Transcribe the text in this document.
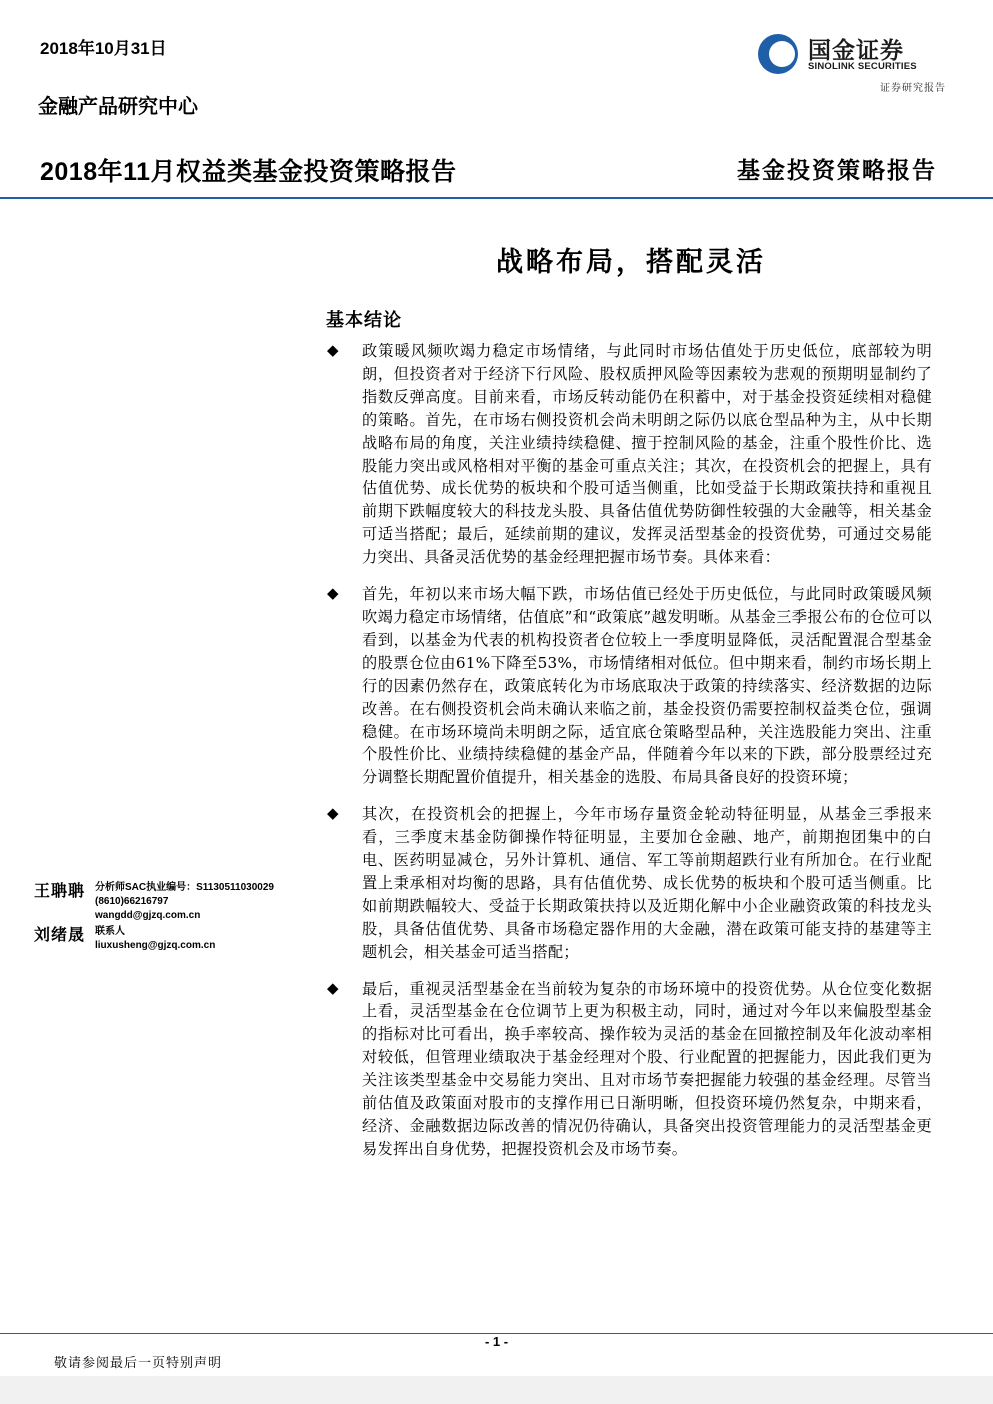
2018年10月31日
金融产品研究中心
2018年11月权益类基金投资策略报告	基金投资策略报告
国金证券
SINOLINK SECURITIES
证券研究报告
战略布局，搭配灵活
基本结论
◆ 政策暖风频吹竭力稳定市场情绪，与此同时市场估值处于历史低位，底部较为明朗，但投资者对于经济下行风险、股权质押风险等因素较为悲观的预期明显制约了指数反弹高度。目前来看，市场反转动能仍在积蓄中，对于基金投资延续相对稳健的策略。首先，在市场右侧投资机会尚未明朗之际仍以底仓型品种为主，从中长期战略布局的角度，关注业绩持续稳健、擅于控制风险的基金，注重个股性价比、选股能力突出或风格相对平衡的基金可重点关注；其次，在投资机会的把握上，具有估值优势、成长优势的板块和个股可适当侧重，比如受益于长期政策扶持和重视且前期下跌幅度较大的科技龙头股、具备估值优势防御性较强的大金融等，相关基金可适当搭配；最后，延续前期的建议，发挥灵活型基金的投资优势，可通过交易能力突出、具备灵活优势的基金经理把握市场节奏。具体来看：
◆ 首先，年初以来市场大幅下跌，市场估值已经处于历史低位，与此同时政策暖风频吹竭力稳定市场情绪，估值底”和“政策底”越发明晰。从基金三季报公布的仓位可以看到，以基金为代表的机构投资者仓位较上一季度明显降低，灵活配置混合型基金的股票仓位由61%下降至53%，市场情绪相对低位。但中期来看，制约市场长期上行的因素仍然存在，政策底转化为市场底取决于政策的持续落实、经济数据的边际改善。在右侧投资机会尚未确认来临之前，基金投资仍需要控制权益类仓位，强调稳健。在市场环境尚未明朗之际，适宜底仓策略型品种，关注选股能力突出、注重个股性价比、业绩持续稳健的基金产品，伴随着今年以来的下跌，部分股票经过充分调整长期配置价值提升，相关基金的选股、布局具备良好的投资环境；
◆ 其次，在投资机会的把握上，今年市场存量资金轮动特征明显，从基金三季报来看，三季度末基金防御操作特征明显，主要加仓金融、地产，前期抱团集中的白电、医药明显减仓，另外计算机、通信、军工等前期超跌行业有所加仓。在行业配置上秉承相对均衡的思路，具有估值优势、成长优势的板块和个股可适当侧重。比如前期跌幅较大、受益于长期政策扶持以及近期化解中小企业融资政策的科技龙头股，具备估值优势、具备市场稳定器作用的大金融，潜在政策可能支持的基建等主题机会，相关基金可适当搭配；
◆ 最后，重视灵活型基金在当前较为复杂的市场环境中的投资优势。从仓位变化数据上看，灵活型基金在仓位调节上更为积极主动，同时，通过对今年以来偏股型基金的指标对比可看出，换手率较高、操作较为灵活的基金在回撤控制及年化波动率相对较低，但管理业绩取决于基金经理对个股、行业配置的把握能力，因此我们更为关注该类型基金中交易能力突出、且对市场节奏把握能力较强的基金经理。尽管当前估值及政策面对股市的支撑作用已日渐明晰，但投资环境仍然复杂，中期来看，经济、金融数据边际改善的情况仍待确认，具备突出投资管理能力的灵活型基金更易发挥出自身优势，把握投资机会及市场节奏。
王聃聃 分析师SAC执业编号：S1130511030029
(8610)66216797
wangdd@gjzq.com.cn
刘绪晟 联系人
liuxusheng@gjzq.com.cn
- 1 -
敬请参阅最后一页特别声明
